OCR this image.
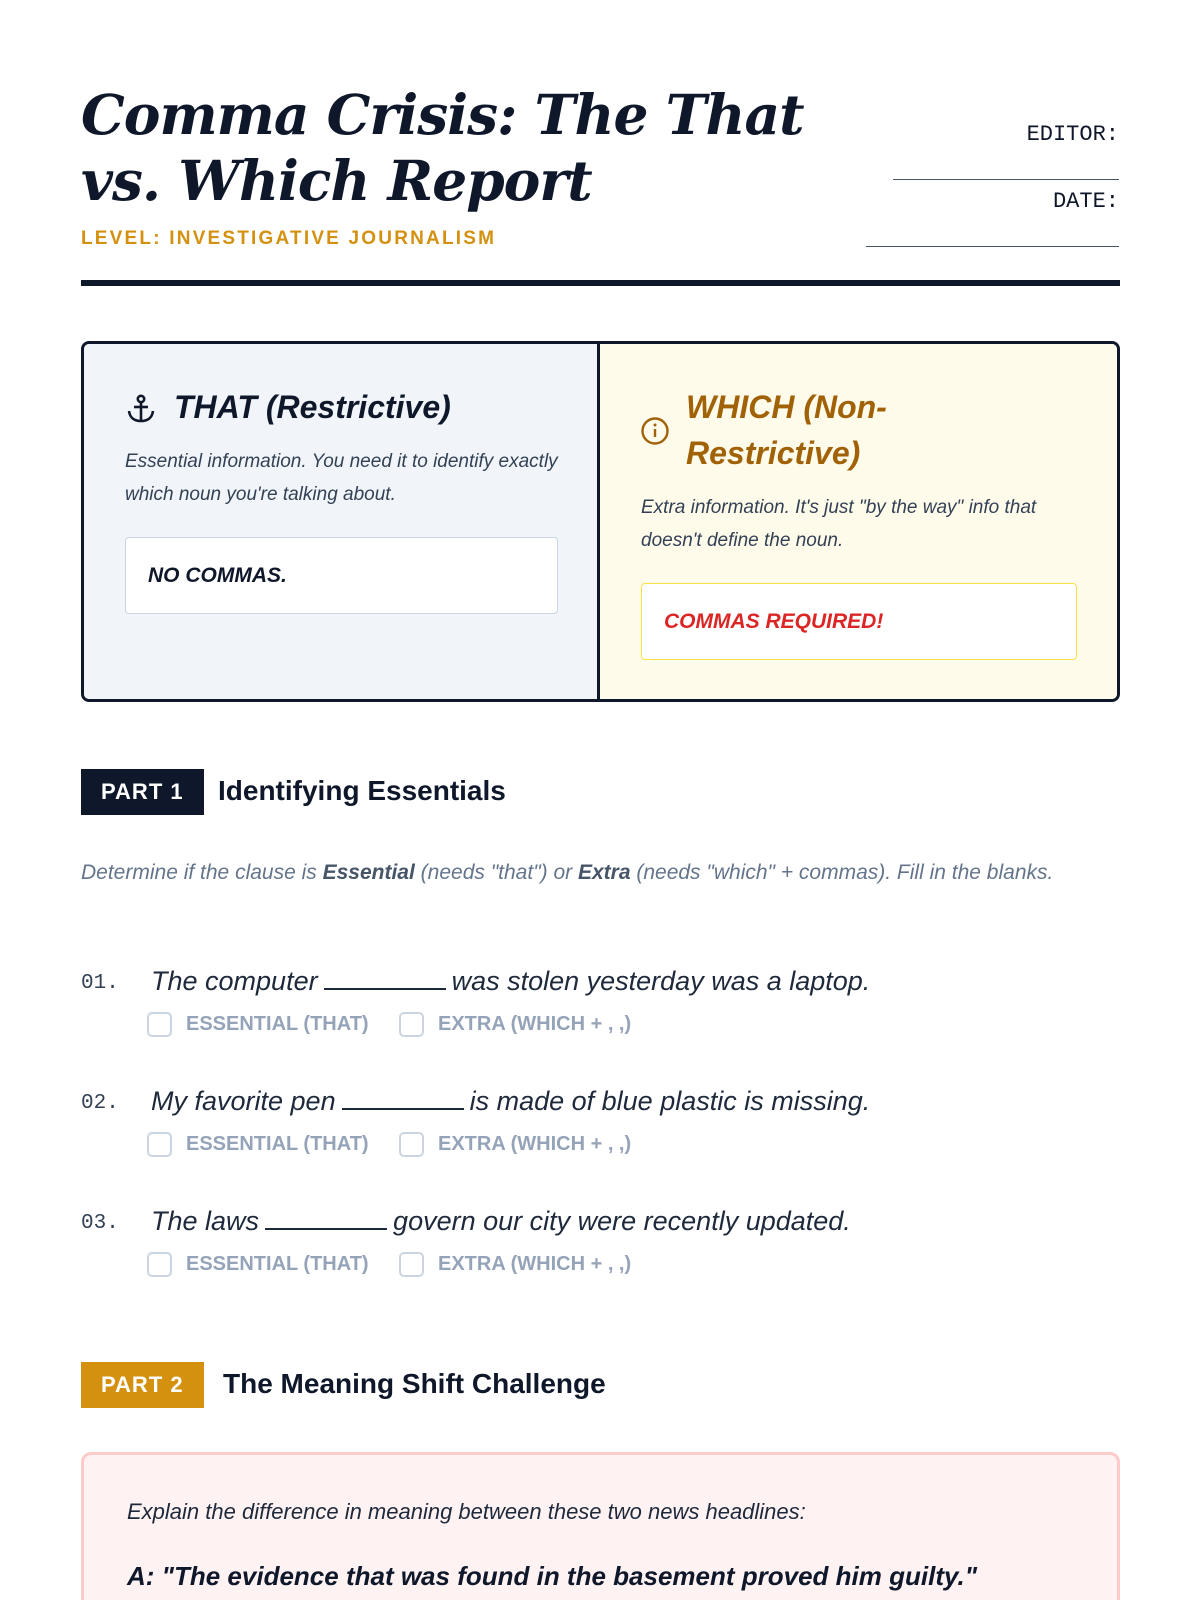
Comma Crisis: The That vs. Which Report
LEVEL: INVESTIGATIVE JOURNALISM
EDITOR:
DATE:
THAT (Restrictive)
Essential information. You need it to identify exactly which noun you're talking about.
NO COMMAS.
WHICH (Non-Restrictive)
Extra information. It's just "by the way" info that doesn't define the noun.
COMMAS REQUIRED!
PART 1	Identifying Essentials
Determine if the clause is Essential (needs "that") or Extra (needs "which" + commas). Fill in the blanks.
01. The computer	was stolen yesterday was a laptop.
ESSENTIAL (THAT)	EXTRA (WHICH + , ,)
02. My favorite pen	is made of blue plastic is missing.
ESSENTIAL (THAT)	EXTRA (WHICH + , ,)
03. The laws	govern our city were recently updated.
ESSENTIAL (THAT)	EXTRA (WHICH + , ,)
PART 2	The Meaning Shift Challenge
Explain the difference in meaning between these two news headlines:
A: "The evidence that was found in the basement proved him guilty."
